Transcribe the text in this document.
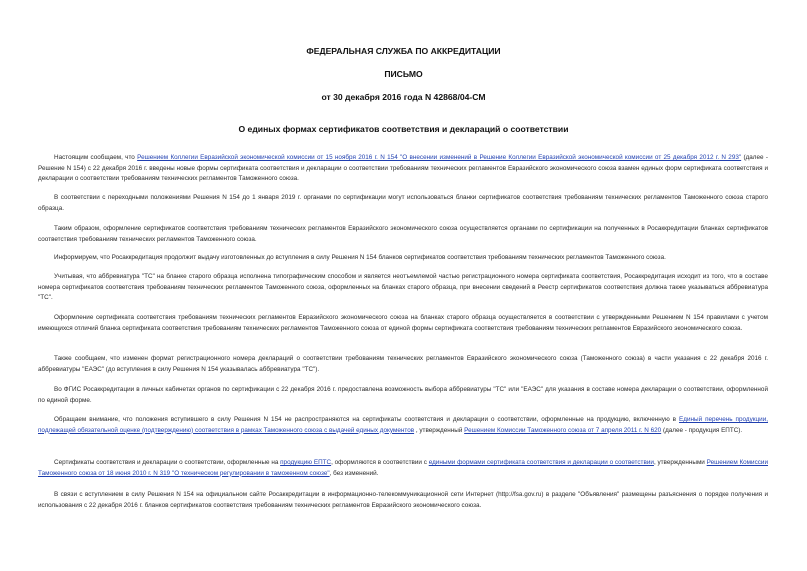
ФЕДЕРАЛЬНАЯ СЛУЖБА ПО АККРЕДИТАЦИИ
ПИСЬМО
от 30 декабря 2016 года N 42868/04-СМ
О единых формах сертификатов соответствия и деклараций о соответствии
Настоящим сообщаем, что Решением Коллегии Евразийской экономической комиссии от 15 ноября 2016 г. N 154 "О внесении изменений в Решение Коллегии Евразийской экономической комиссии от 25 декабря 2012 г. N 293" (далее - Решение N 154) с 22 декабря 2016 г. введены новые формы сертификата соответствия и декларации о соответствии требованиям технических регламентов Евразийского экономического союза взамен единых форм сертификата соответствия и декларации о соответствии требованиям технических регламентов Таможенного союза.
В соответствии с переходными положениями Решения N 154 до 1 января 2019 г. органами по сертификации могут использоваться бланки сертификатов соответствия требованиям технических регламентов Таможенного союза старого образца.
Таким образом, оформление сертификатов соответствия требованиям технических регламентов Евразийского экономического союза осуществляется органами по сертификации на полученных в Росаккредитации бланках сертификатов соответствия требованиям технических регламентов Таможенного союза.
Информируем, что Росаккредитация продолжит выдачу изготовленных до вступления в силу Решения N 154 бланков сертификатов соответствия требованиям технических регламентов Таможенного союза.
Учитывая, что аббревиатура "ТС" на бланке старого образца исполнена типографическим способом и является неотъемлемой частью регистрационного номера сертификата соответствия, Росаккредитация исходит из того, что в составе номера сертификатов соответствия требованиям технических регламентов Таможенного союза, оформленных на бланках старого образца, при внесении сведений в Реестр сертификатов соответствия должна также указываться аббревиатура "ТС".
Оформление сертификата соответствия требованиям технических регламентов Евразийского экономического союза на бланках старого образца осуществляется в соответствии с утвержденными Решением N 154 правилами с учетом имеющихся отличий бланка сертификата соответствия требованиям технических регламентов Таможенного союза от единой формы сертификата соответствия требованиям технических регламентов Евразийского экономического союза.
Также сообщаем, что изменен формат регистрационного номера деклараций о соответствии требованиям технических регламентов Евразийского экономического союза (Таможенного союза) в части указания с 22 декабря 2016 г. аббревиатуры "ЕАЭС" (до вступления в силу Решения N 154 указывалась аббревиатура "ТС").
Во ФГИС Росаккредитации в личных кабинетах органов по сертификации с 22 декабря 2016 г. предоставлена возможность выбора аббревиатуры "ТС" или "ЕАЭС" для указания в составе номера декларации о соответствии, оформленной по единой форме.
Обращаем внимание, что положения вступившего в силу Решения N 154 не распространяются на сертификаты соответствия и декларации о соответствии, оформленные на продукцию, включенную в Единый перечень продукции, подлежащей обязательной оценке (подтверждению) соответствия в рамках Таможенного союза с выдачей единых документов , утвержденный Решением Комиссии Таможенного союза от 7 апреля 2011 г. N 620 (далее - продукция ЕПТС).
Сертификаты соответствия и декларации о соответствии, оформленные на продукцию ЕПТС, оформляются в соответствии с едиными формами сертификата соответствия и декларации о соответствии, утвержденными Решением Комиссии Таможенного союза от 18 июня 2010 г. N 319 "О техническом регулировании в таможенном союзе", без изменений.
В связи с вступлением в силу Решения N 154 на официальном сайте Росаккредитации в информационно-телекоммуникационной сети Интернет (http://fsa.gov.ru) в разделе "Объявления" размещены разъяснения о порядке получения и использования с 22 декабря 2016 г. бланков сертификатов соответствия требованиям технических регламентов Евразийского экономического союза.
